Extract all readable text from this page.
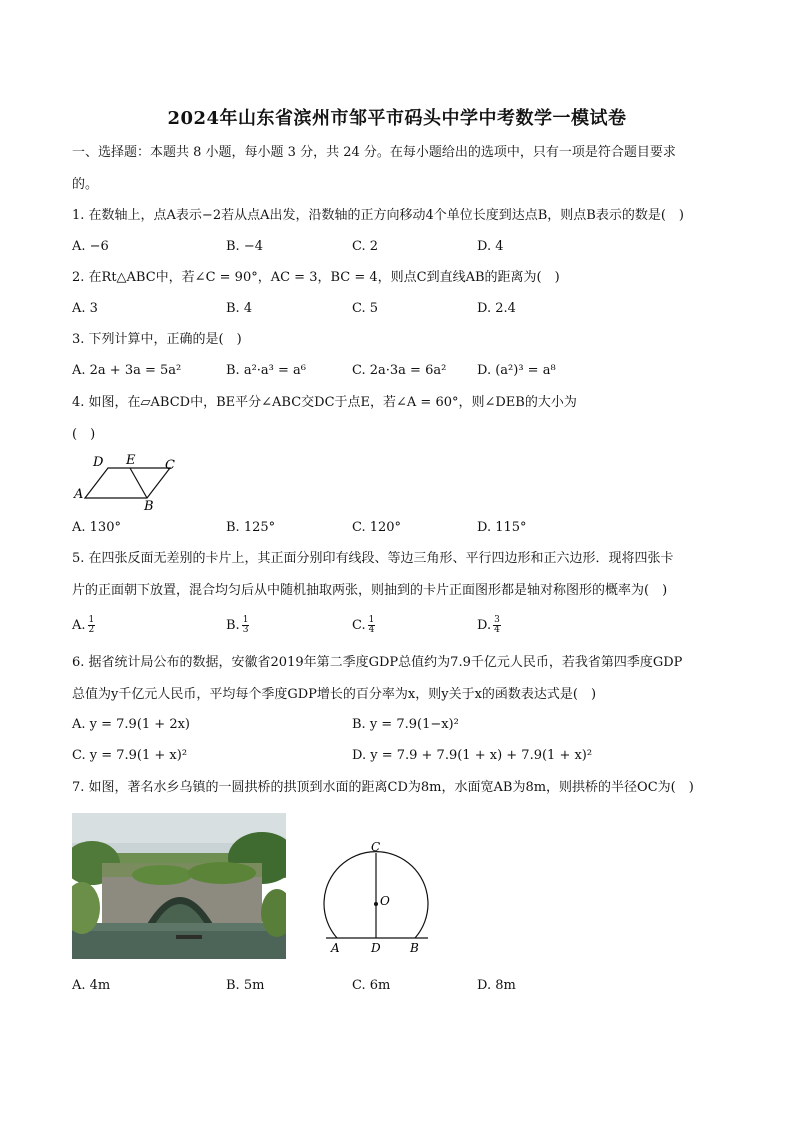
2024年山东省滨州市邹平市码头中学中考数学一模试卷
一、选择题：本题共 8 小题，每小题 3 分，共 24 分。在每小题给出的选项中，只有一项是符合题目要求
的。
1. 在数轴上，点A表示−2若从点A出发，沿数轴的正方向移动4个单位长度到达点B，则点B表示的数是(　)
A. −6	B. −4	C. 2	D. 4
2. 在Rt△ABC中，若∠C = 90°，AC = 3，BC = 4，则点C到直线AB的距离为(　)
A. 3	B. 4	C. 5	D. 2.4
3. 下列计算中，正确的是(　)
A. 2a + 3a = 5a²	B. a²·a³ = a⁶	C. 2a·3a = 6a² D. (a²)³ = a⁸
4. 如图，在▱ABCD中，BE平分∠ABC交DC于点E，若∠A = 60°，则∠DEB的大小为
(　)
D E C
A
B
A. 130°	B. 125°	C. 120°	D. 115°
5. 在四张反面无差别的卡片上，其正面分别印有线段、等边三角形、平行四边形和正六边形．现将四张卡
片的正面朝下放置，混合均匀后从中随机抽取两张，则抽到的卡片正面图形都是轴对称图形的概率为(　)
A. $\frac{1}{2}$	B. $\frac{1}{3}$	C. $\frac{1}{4}$	D. $\frac{3}{4}$
6. 据省统计局公布的数据，安徽省2019年第二季度GDP总值约为7.9千亿元人民币，若我省第四季度GDP
总值为y千亿元人民币，平均每个季度GDP增长的百分率为x，则y关于x的函数表达式是(　)
A. y = 7.9(1 + 2x)	B. y = 7.9(1−x)²
C. y = 7.9(1 + x)²	D. y = 7.9 + 7.9(1 + x) + 7.9(1 + x)²
7. 如图，著名水乡乌镇的一圆拱桥的拱顶到水面的距离CD为8m，水面宽AB为8m，则拱桥的半径OC为(　)
C
O
A	D B
A. 4m	B. 5m	C. 6m	D. 8m
